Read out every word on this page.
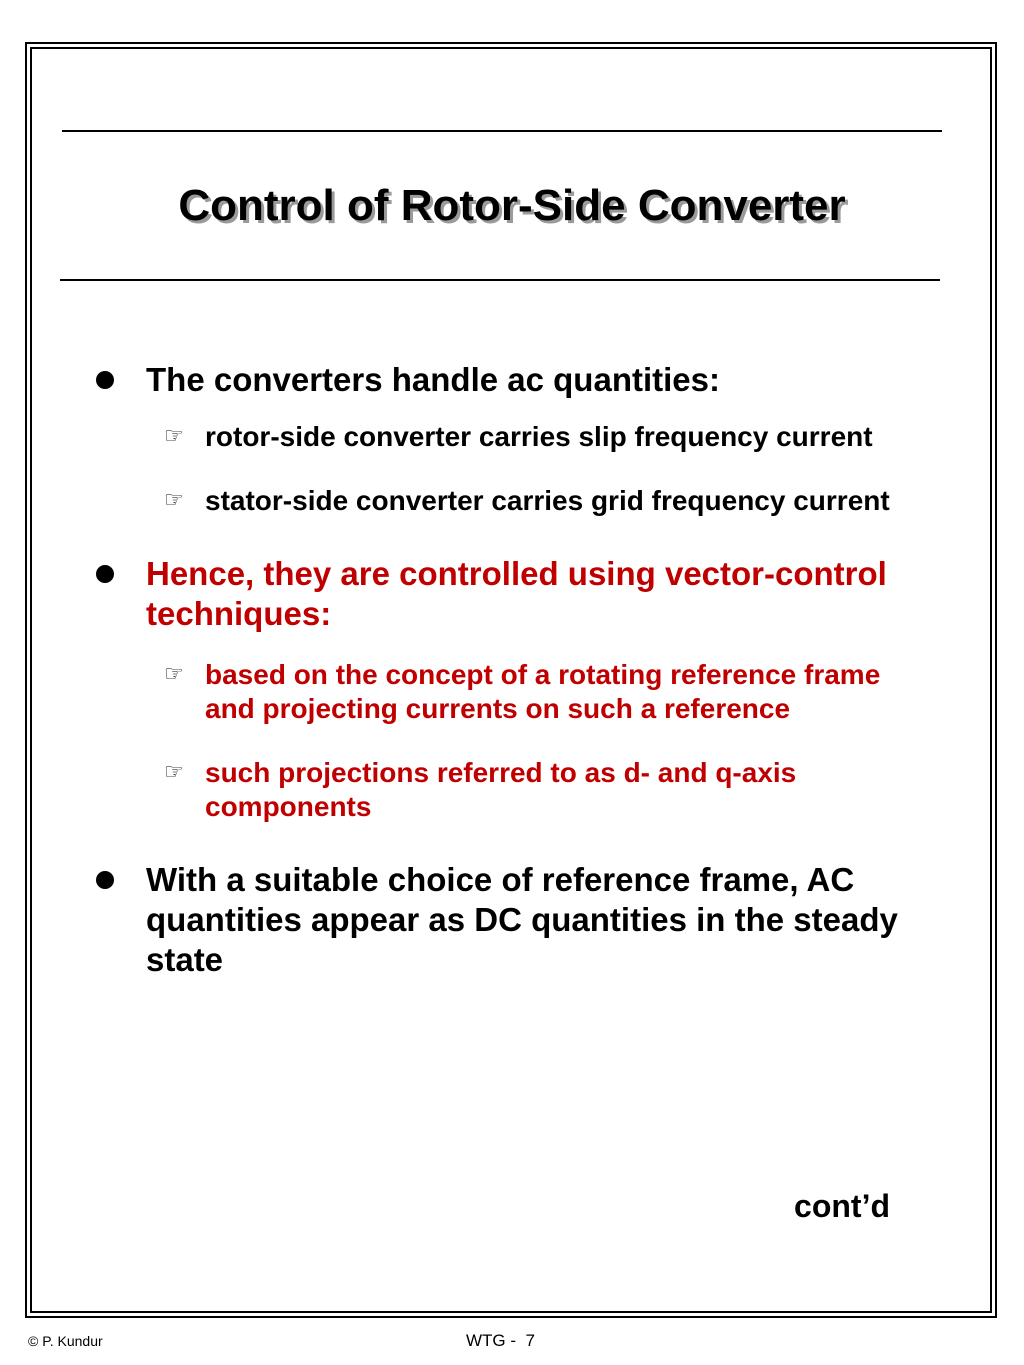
Control of Rotor-Side Converter
The converters handle ac quantities:
☞ rotor-side converter carries slip frequency current
☞ stator-side converter carries grid frequency current
Hence, they are controlled using vector-control techniques:
☞ based on the concept of a rotating reference frame and projecting currents on such a reference
☞ such projections referred to as d- and q-axis components
With a suitable choice of reference frame, AC quantities appear as DC quantities in the steady state
cont’d
© P. Kundur	WTG -  7
